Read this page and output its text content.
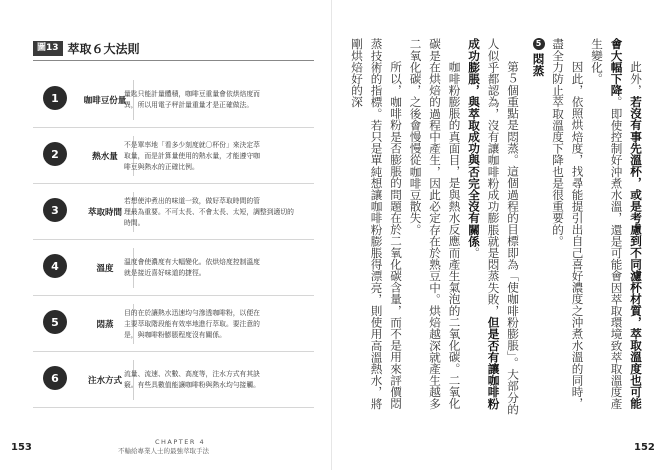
圖13 萃取６大法則
1	咖啡豆份量
量匙只能計量體積，咖啡豆重量會依烘焙度而
異，所以用電子秤計量重量才是正確做法。
2	熱水量
不是單率地「看多少刻度就〇杯份」來決定萃
取量，而是計算量使用的熱水量，才能遵守咖
啡豆與熱水的正確比例。
3	萃取時間
若想使沖煮出的味道一致，做好萃取時間的管
理最為重要。不可太長、不會太長、太短，調整到適切的
時間。
4	溫度
溫度會使濃度有大幅變化。依烘焙度控制溫度
就是接近喜好味道的捷徑。
5	悶蒸
目的在於讓熱水迅速均勻滲透咖啡粉，以便在
主要萃取階段能有效率地進行萃取。要注意的
是，與咖啡粉膨脹程度沒有關係。
6	注水方式
流量、流速、次數、高度等，注水方式有其訣
竅。有些具數值能讓咖啡粉與熱水均勻接觸。
153	CHAPTER 4
不輸給專業人士的最強萃取手法

此外，若沒有事先溫杯，或是考慮到不同濾杯材質，萃取溫度也可能會大幅下降。即使控制好沖煮水溫，還是可能會因萃取環境致萃取溫度產生變化。

因此，依照烘焙度，找尋能提引出自己喜好濃度之沖煮水溫的同時，盡全力防止萃取溫度下降也是很重要的。

5悶蒸

第５個重點是悶蒸。這個過程的目標即為「使咖啡粉膨脹」。大部分的人似乎都認為，沒有讓咖啡粉成功膨脹就是悶蒸失敗，但是否有讓咖啡粉成功膨脹，與萃取成功與否完全沒有關係。

咖啡粉膨脹的真面目，是與熱水反應而產生氣泡的二氧化碳。二氧化碳是在烘焙的過程中產生，因此必定存在於熟豆中。烘焙越深就產生越多二氧化碳，之後會慢慢從咖啡豆散失。

所以，咖啡粉是否膨脹的問題在於二氧化碳含量，而不是用來評價悶蒸技術的指標。若只是單純想讓咖啡粉膨脹得漂亮，則使用高溫熱水，將剛烘焙好的深

152
